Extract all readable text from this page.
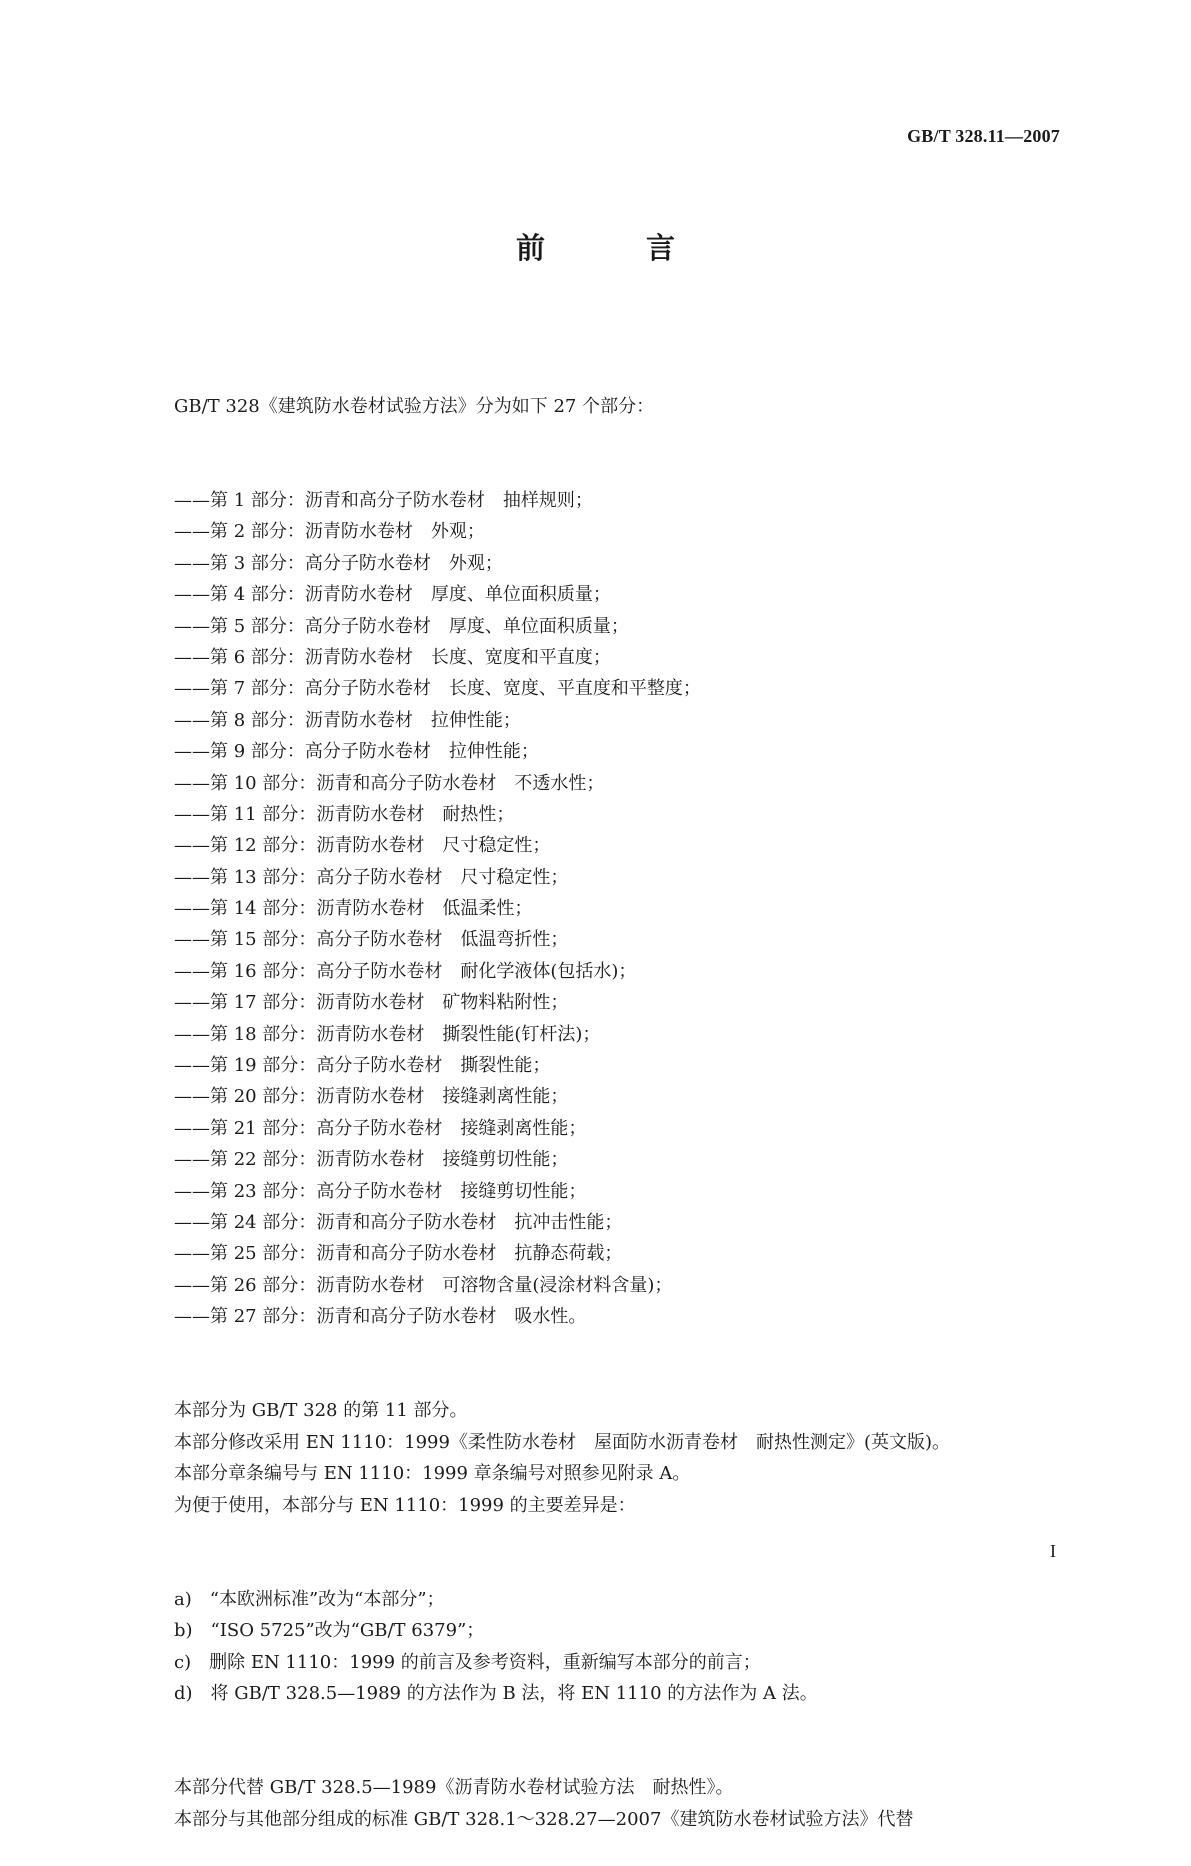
GB/T 328.11—2007
前　言

GB/T 328《建筑防水卷材试验方法》分为如下 27 个部分：

——第 1 部分：沥青和高分子防水卷材　抽样规则；
——第 2 部分：沥青防水卷材　外观；
——第 3 部分：高分子防水卷材　外观；
——第 4 部分：沥青防水卷材　厚度、单位面积质量；
——第 5 部分：高分子防水卷材　厚度、单位面积质量；
——第 6 部分：沥青防水卷材　长度、宽度和平直度；
——第 7 部分：高分子防水卷材　长度、宽度、平直度和平整度；
——第 8 部分：沥青防水卷材　拉伸性能；
——第 9 部分：高分子防水卷材　拉伸性能；
——第 10 部分：沥青和高分子防水卷材　不透水性；
——第 11 部分：沥青防水卷材　耐热性；
——第 12 部分：沥青防水卷材　尺寸稳定性；
——第 13 部分：高分子防水卷材　尺寸稳定性；
——第 14 部分：沥青防水卷材　低温柔性；
——第 15 部分：高分子防水卷材　低温弯折性；
——第 16 部分：高分子防水卷材　耐化学液体(包括水)；
——第 17 部分：沥青防水卷材　矿物料粘附性；
——第 18 部分：沥青防水卷材　撕裂性能(钉杆法)；
——第 19 部分：高分子防水卷材　撕裂性能；
——第 20 部分：沥青防水卷材　接缝剥离性能；
——第 21 部分：高分子防水卷材　接缝剥离性能；
——第 22 部分：沥青防水卷材　接缝剪切性能；
——第 23 部分：高分子防水卷材　接缝剪切性能；
——第 24 部分：沥青和高分子防水卷材　抗冲击性能；
——第 25 部分：沥青和高分子防水卷材　抗静态荷载；
——第 26 部分：沥青防水卷材　可溶物含量(浸涂材料含量)；
——第 27 部分：沥青和高分子防水卷材　吸水性。

本部分为 GB/T 328 的第 11 部分。
本部分修改采用 EN 1110：1999《柔性防水卷材　屋面防水沥青卷材　耐热性测定》(英文版)。
本部分章条编号与 EN 1110：1999 章条编号对照参见附录 A。
为便于使用，本部分与 EN 1110：1999 的主要差异是：

a)　“本欧洲标准”改为“本部分”；
b)　“ISO 5725”改为“GB/T 6379”；
c)　删除 EN 1110：1999 的前言及参考资料，重新编写本部分的前言；
d)　将 GB/T 328.5—1989 的方法作为 B 法，将 EN 1110 的方法作为 A 法。

本部分代替 GB/T 328.5—1989《沥青防水卷材试验方法　耐热性》。
本部分与其他部分组成的标准 GB/T 328.1～328.27—2007《建筑防水卷材试验方法》代替

I
